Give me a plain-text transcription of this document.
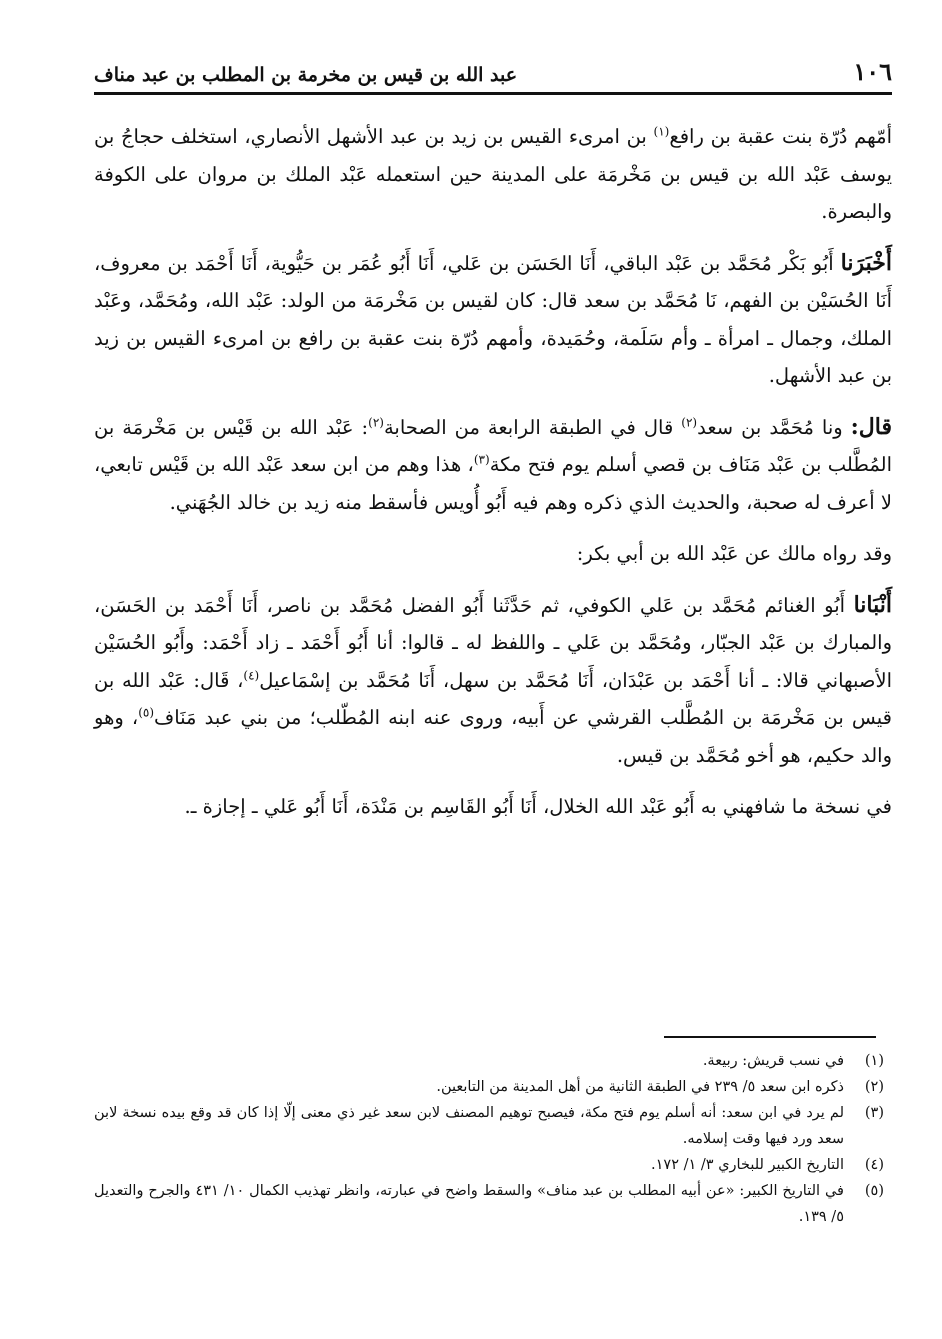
١٠٦
عبد الله بن قيس بن مخرمة بن المطلب بن عبد مناف

أمّهم دُرّة بنت عقبة بن رافع$^{(١)}$ بن امرىء القيس بن زيد بن عبد الأشهل الأنصاري، استخلف حجاجُ بن يوسف عَبْد الله بن قيس بن مَخْرمَة على المدينة حين استعمله عَبْد الملك بن مروان على الكوفة والبصرة.

أَخْبَرَنا أَبُو بَكْر مُحَمَّد بن عَبْد الباقي، أَنَا الحَسَن بن عَلي، أَنَا أَبُو عُمَر بن حَيُّوية، أَنَا أَحْمَد بن معروف، أَنَا الحُسَيْن بن الفهم، نَا مُحَمَّد بن سعد قال: كان لقيس بن مَخْرمَة من الولد: عَبْد الله، ومُحَمَّد، وعَبْد الملك، وجمال ـ امرأة ـ وأم سَلَمة، وحُمَيدة، وأمهم دُرّة بنت عقبة بن رافع بن امرىء القيس بن زيد بن عبد الأشهل.

قال: ونا مُحَمَّد بن سعد$^{(٢)}$ قال في الطبقة الرابعة من الصحابة$^{(٢)}$: عَبْد الله بن قَيْس بن مَخْرمَة بن المُطَّلب بن عَبْد مَنَاف بن قصي أسلم يوم فتح مكة$^{(٣)}$، هذا وهم من ابن سعد عَبْد الله بن قَيْس تابعي، لا أعرف له صحبة، والحديث الذي ذكره وهم فيه أَبُو أُويس فأسقط منه زيد بن خالد الجُهَني.

وقد رواه مالك عن عَبْد الله بن أبي بكر:

أَنْبَانا أَبُو الغنائم مُحَمَّد بن عَلي الكوفي، ثم حَدَّثَنا أَبُو الفضل مُحَمَّد بن ناصر، أَنَا أَحْمَد بن الحَسَن، والمبارك بن عَبْد الجبّار، ومُحَمَّد بن عَلي ـ واللفظ له ـ قالوا: أنا أَبُو أَحْمَد ـ زاد أَحْمَد: وأَبُو الحُسَيْن الأصبهاني قالا: ـ أنا أَحْمَد بن عَبْدَان، أَنَا مُحَمَّد بن سهل، أَنَا مُحَمَّد بن إسْمَاعيل$^{(٤)}$، قَال: عَبْد الله بن قيس بن مَخْرمَة بن المُطَّلب القرشي عن أَبيه، وروى عنه ابنه المُطّلب؛ من بني عبد مَنَاف$^{(٥)}$، وهو والد حكيم، هو أخو مُحَمَّد بن قيس.

في نسخة ما شافهني به أَبُو عَبْد الله الخلال، أَنَا أَبُو القَاسِم بن مَنْدَة، أَنَا أَبُو عَلي ـ إجازة ـ.

(١)
في نسب قريش: ربيعة.
(٢)
ذكره ابن سعد ٥/ ٢٣٩ في الطبقة الثانية من أهل المدينة من التابعين.
(٣)
لم يرد في ابن سعد: أنه أسلم يوم فتح مكة، فيصبح توهيم المصنف لابن سعد غير ذي معنى إلّا إذا كان قد وقع بيده نسخة لابن سعد ورد فيها وقت إسلامه.
(٤)
التاريخ الكبير للبخاري ٣/ ١/ ١٧٢.
(٥)
في التاريخ الكبير: «عن أبيه المطلب بن عبد مناف» والسقط واضح في عبارته، وانظر تهذيب الكمال ١٠/ ٤٣١ والجرح والتعديل ٥/ ١٣٩.
